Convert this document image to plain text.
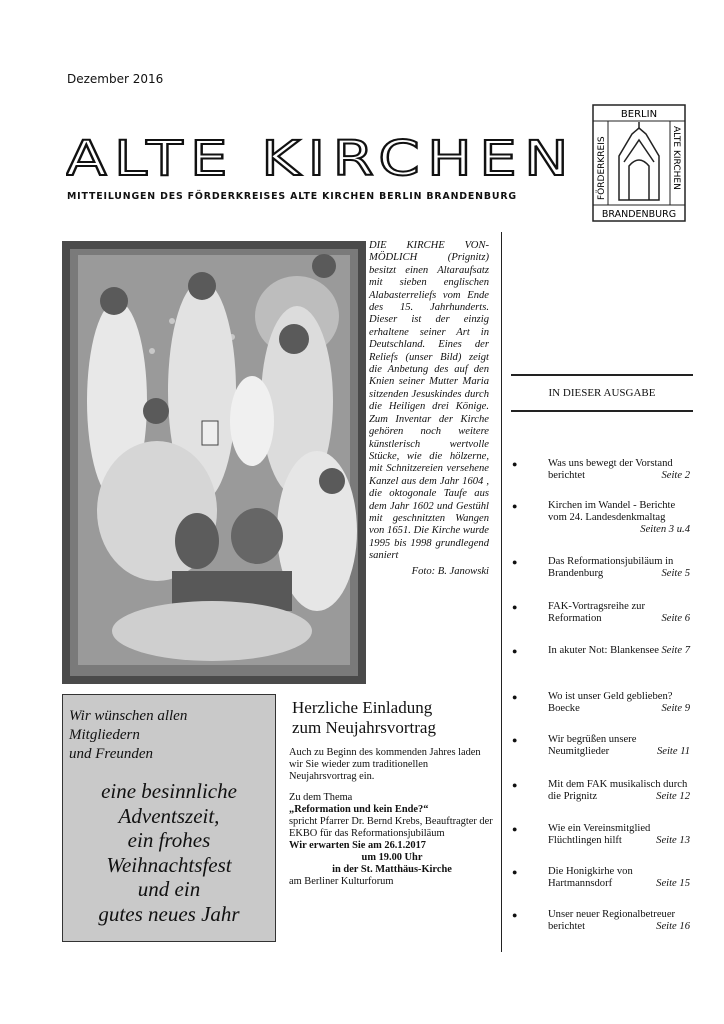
Dezember 2016
ALTE KIRCHEN
MITTEILUNGEN DES FÖRDERKREISES ALTE KIRCHEN BERLIN BRANDENBURG
BERLIN
BRANDENBURG
FÖRDERKREIS	ALTE KIRCHEN
DIE KIRCHE VON-MÖDLICH (Prignitz) besitzt einen Altaraufsatz mit sieben englischen Alabasterreliefs vom Ende des 15. Jahrhunderts. Dieser ist der einzig erhaltene seiner Art in Deutschland. Eines der Reliefs (unser Bild) zeigt die Anbetung des auf den Knien seiner Mutter Maria sitzenden Jesuskindes durch die Heiligen drei Könige. Zum Inventar der Kirche gehören noch weitere künstlerisch wertvolle Stücke, wie die hölzerne, mit Schnitzereien versehene Kanzel aus dem Jahr 1604 , die oktogonale Taufe aus dem Jahr 1602 und Gestühl mit geschnitzten Wangen von 1651. Die Kirche wurde 1995 bis 1998 grundlegend saniert
Foto: B. Janowski
Wir wünschen allen
Mitgliedern
und Freunden
eine besinnliche
Adventszeit,
ein frohes
Weihnachtsfest
und ein
gutes neues Jahr
Herzliche Einladung
zum Neujahrsvortrag

Auch zu Beginn des kommenden Jahres laden wir Sie wieder zum traditionellen Neujahrsvortrag ein.

Zu dem Thema
„Reformation und kein Ende?“
spricht Pfarrer Dr. Bernd Krebs, Beauftragter der EKBO für das Reformationsjubiläum
Wir erwarten Sie am 26.1.2017
um 19.00 Uhr
in der St. Matthäus-Kirche
am Berliner Kulturforum
IN DIESER AUSGABE
●	Was uns bewegt der Vorstand berichtet	Seite 2
●	Kirchen im Wandel - Berichte vom 24. Landesdenkmaltag
Seiten 3 u.4
●	Das Reformationsjubiläum in Brandenburg	Seite 5
●	FAK-Vortragsreihe zur Reformation	Seite 6
●	In akuter Not: Blankensee Seite 7
●	Wo ist unser Geld geblieben? Boecke	Seite 9
●	Wir begrüßen unsere Neumitglieder	Seite 11
●	Mit dem FAK musikalisch durch die Prignitz	Seite 12
●	Wie ein Vereinsmitglied Flüchtlingen hilft	Seite 13
●	Die Honigkirhe von Hartmannsdorf	Seite 15
●	Unser neuer Regionalbetreuer berichtet	Seite 16
